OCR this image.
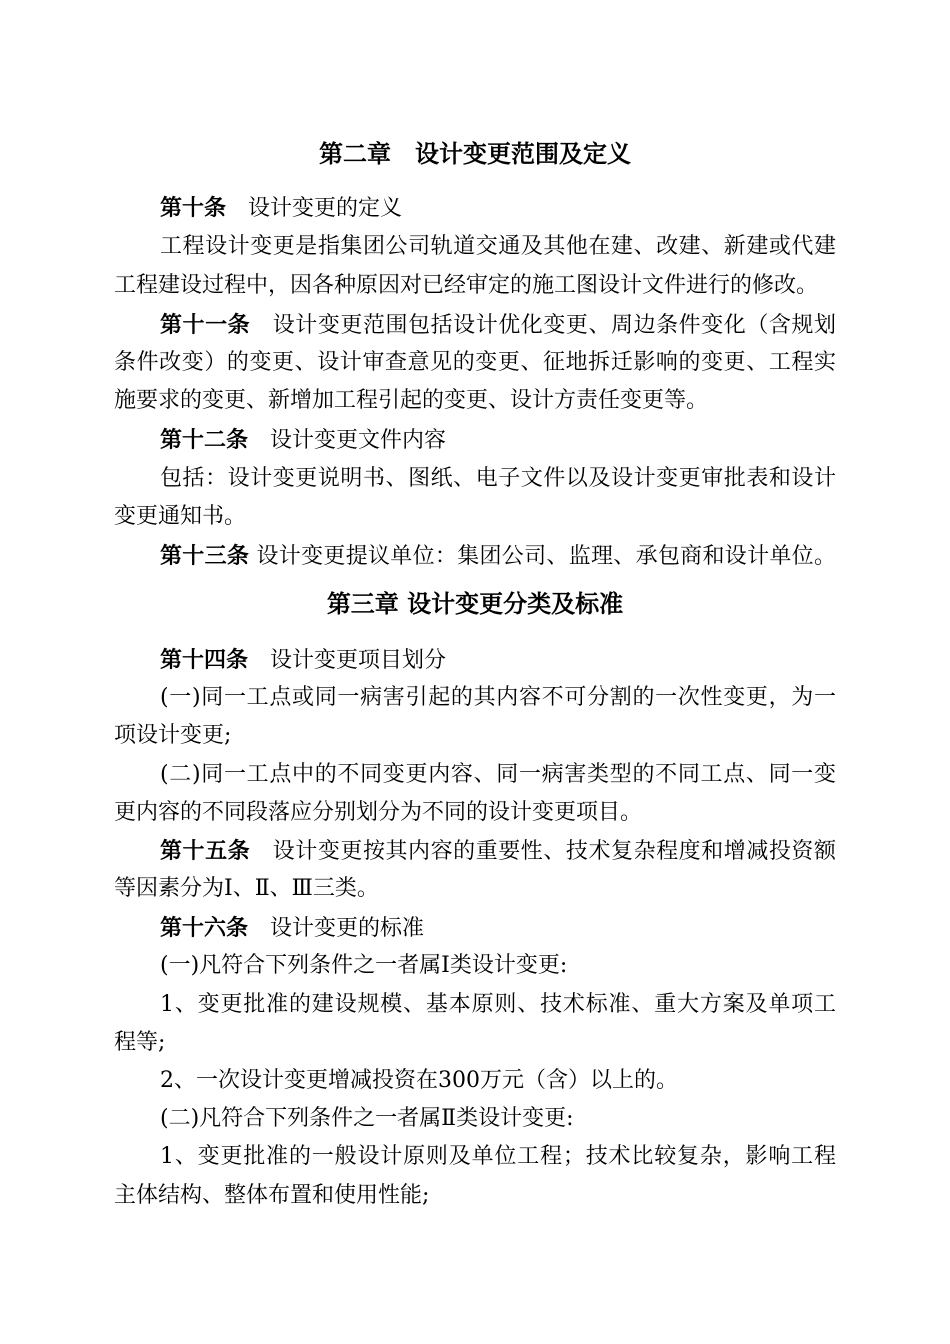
第二章　设计变更范围及定义
第十条　设计变更的定义
工程设计变更是指集团公司轨道交通及其他在建、改建、新建或代建
工程建设过程中，因各种原因对已经审定的施工图设计文件进行的修改。
第十一条　设计变更范围包括设计优化变更、周边条件变化（含规划
条件改变）的变更、设计审查意见的变更、征地拆迁影响的变更、工程实
施要求的变更、新增加工程引起的变更、设计方责任变更等。
第十二条　设计变更文件内容
包括：设计变更说明书、图纸、电子文件以及设计变更审批表和设计
变更通知书。
第十三条 设计变更提议单位：集团公司、监理、承包商和设计单位。
第三章 设计变更分类及标准
第十四条　设计变更项目划分
(一)同一工点或同一病害引起的其内容不可分割的一次性变更，为一
项设计变更;
(二)同一工点中的不同变更内容、同一病害类型的不同工点、同一变
更内容的不同段落应分别划分为不同的设计变更项目。
第十五条　设计变更按其内容的重要性、技术复杂程度和增减投资额
等因素分为Ⅰ、Ⅱ、Ⅲ三类。
第十六条　设计变更的标准
(一)凡符合下列条件之一者属Ⅰ类设计变更:
1、变更批准的建设规模、基本原则、技术标准、重大方案及单项工
程等;
2、一次设计变更增减投资在300万元（含）以上的。
(二)凡符合下列条件之一者属Ⅱ类设计变更:
1、变更批准的一般设计原则及单位工程；技术比较复杂，影响工程
主体结构、整体布置和使用性能;
